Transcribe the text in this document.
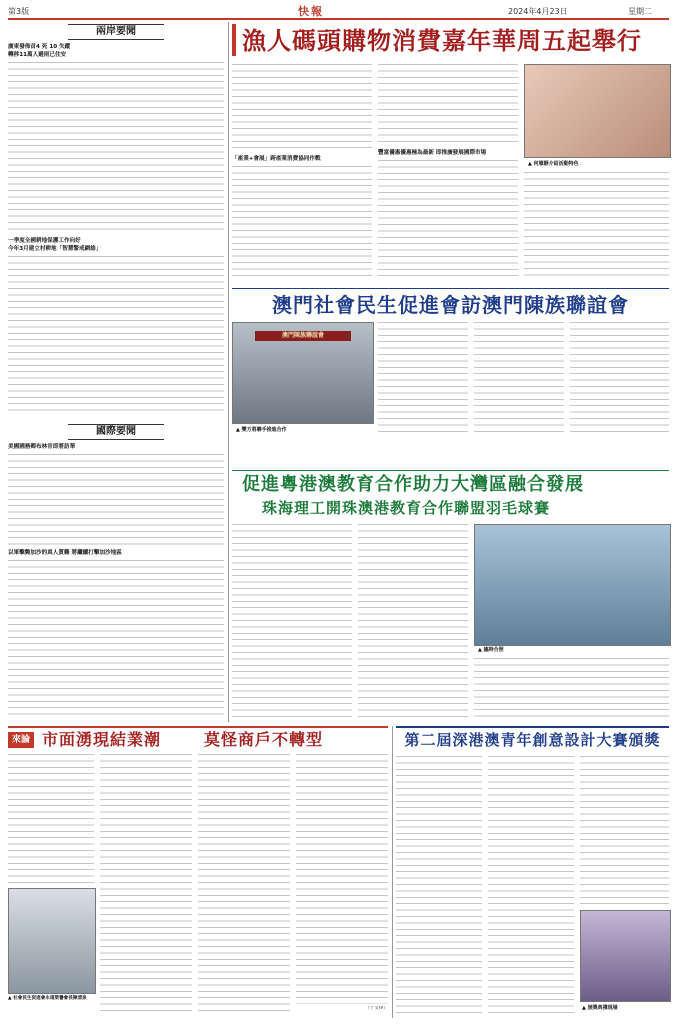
第3版	快報	2024年4月23日	星期二
兩岸要聞
廣東發佈首4 死 10 失蹤
轉移11萬人避雨已住安
一季度全國耕地保護工作向好
今年3月建立村耕地「智慧警戒網絡」
國際要聞
美國國務卿布林肯即將訪華
以軍擊斃加沙的真人質難 將繼續打擊加沙地區
漁人碼頭購物消費嘉年華周五起舉行
「產業+會展」跨產業消費協同作戰
豐富優惠優惠極為最新 即推廣發展國際市場
▲ 何雁靜介紹活動特色
澳門社會民生促進會訪澳門陳族聯誼會
澳門陳族聯誼會
▲ 雙方將聯手推進合作
促進粵港澳教育合作助力大灣區融合發展
珠海理工開珠澳港教育合作聯盟羽毛球賽
▲ 臨時合照
來論 市面湧現結業潮	莫怪商戶不轉型
▲ 社會民生促進會永遠榮譽會長陳清泉
（于文律）
第二屆深港澳青年創意設計大賽頒獎
▲ 頒獎典禮現場
